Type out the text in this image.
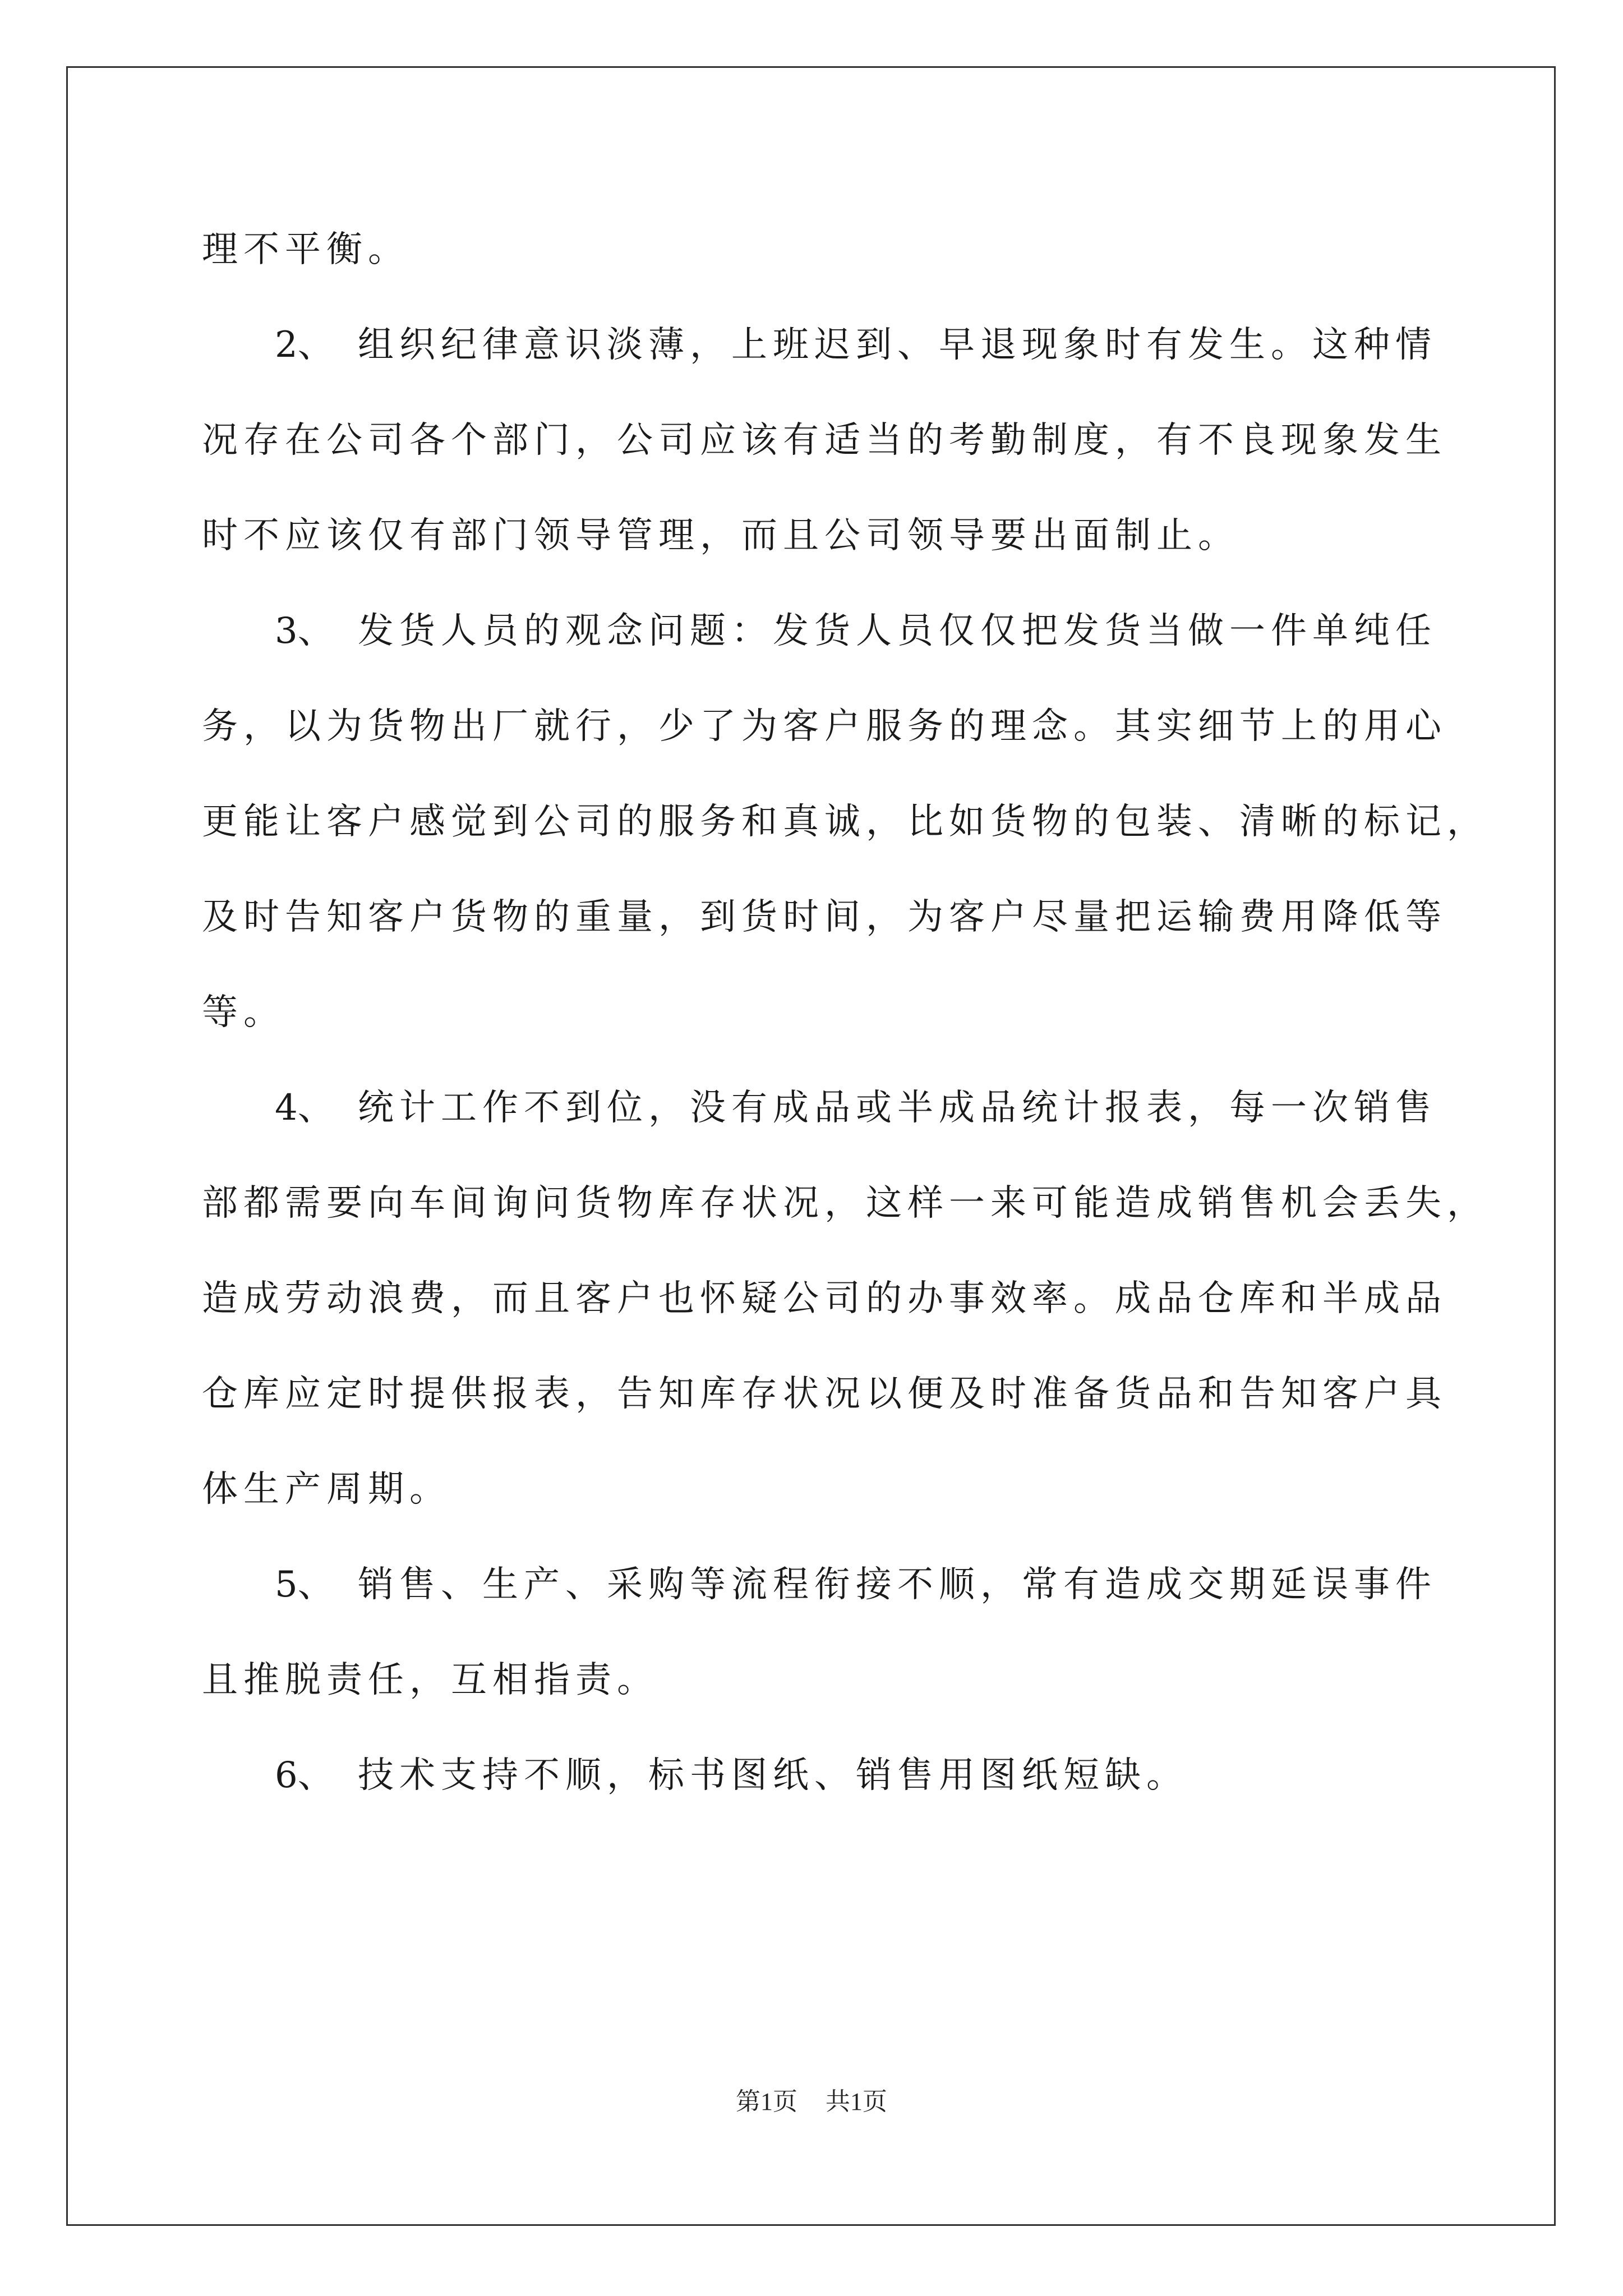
理不平衡。
2、 组织纪律意识淡薄，上班迟到、早退现象时有发生。这种情
况存在公司各个部门，公司应该有适当的考勤制度，有不良现象发生
时不应该仅有部门领导管理，而且公司领导要出面制止。
3、 发货人员的观念问题：发货人员仅仅把发货当做一件单纯任
务，以为货物出厂就行，少了为客户服务的理念。其实细节上的用心
更能让客户感觉到公司的服务和真诚，比如货物的包装、清晰的标记，
及时告知客户货物的重量，到货时间，为客户尽量把运输费用降低等
等。
4、 统计工作不到位，没有成品或半成品统计报表，每一次销售
部都需要向车间询问货物库存状况，这样一来可能造成销售机会丢失，
造成劳动浪费，而且客户也怀疑公司的办事效率。成品仓库和半成品
仓库应定时提供报表，告知库存状况以便及时准备货品和告知客户具
体生产周期。
5、 销售、生产、采购等流程衔接不顺，常有造成交期延误事件
且推脱责任，互相指责。
6、 技术支持不顺，标书图纸、销售用图纸短缺。
第1页 共1页
